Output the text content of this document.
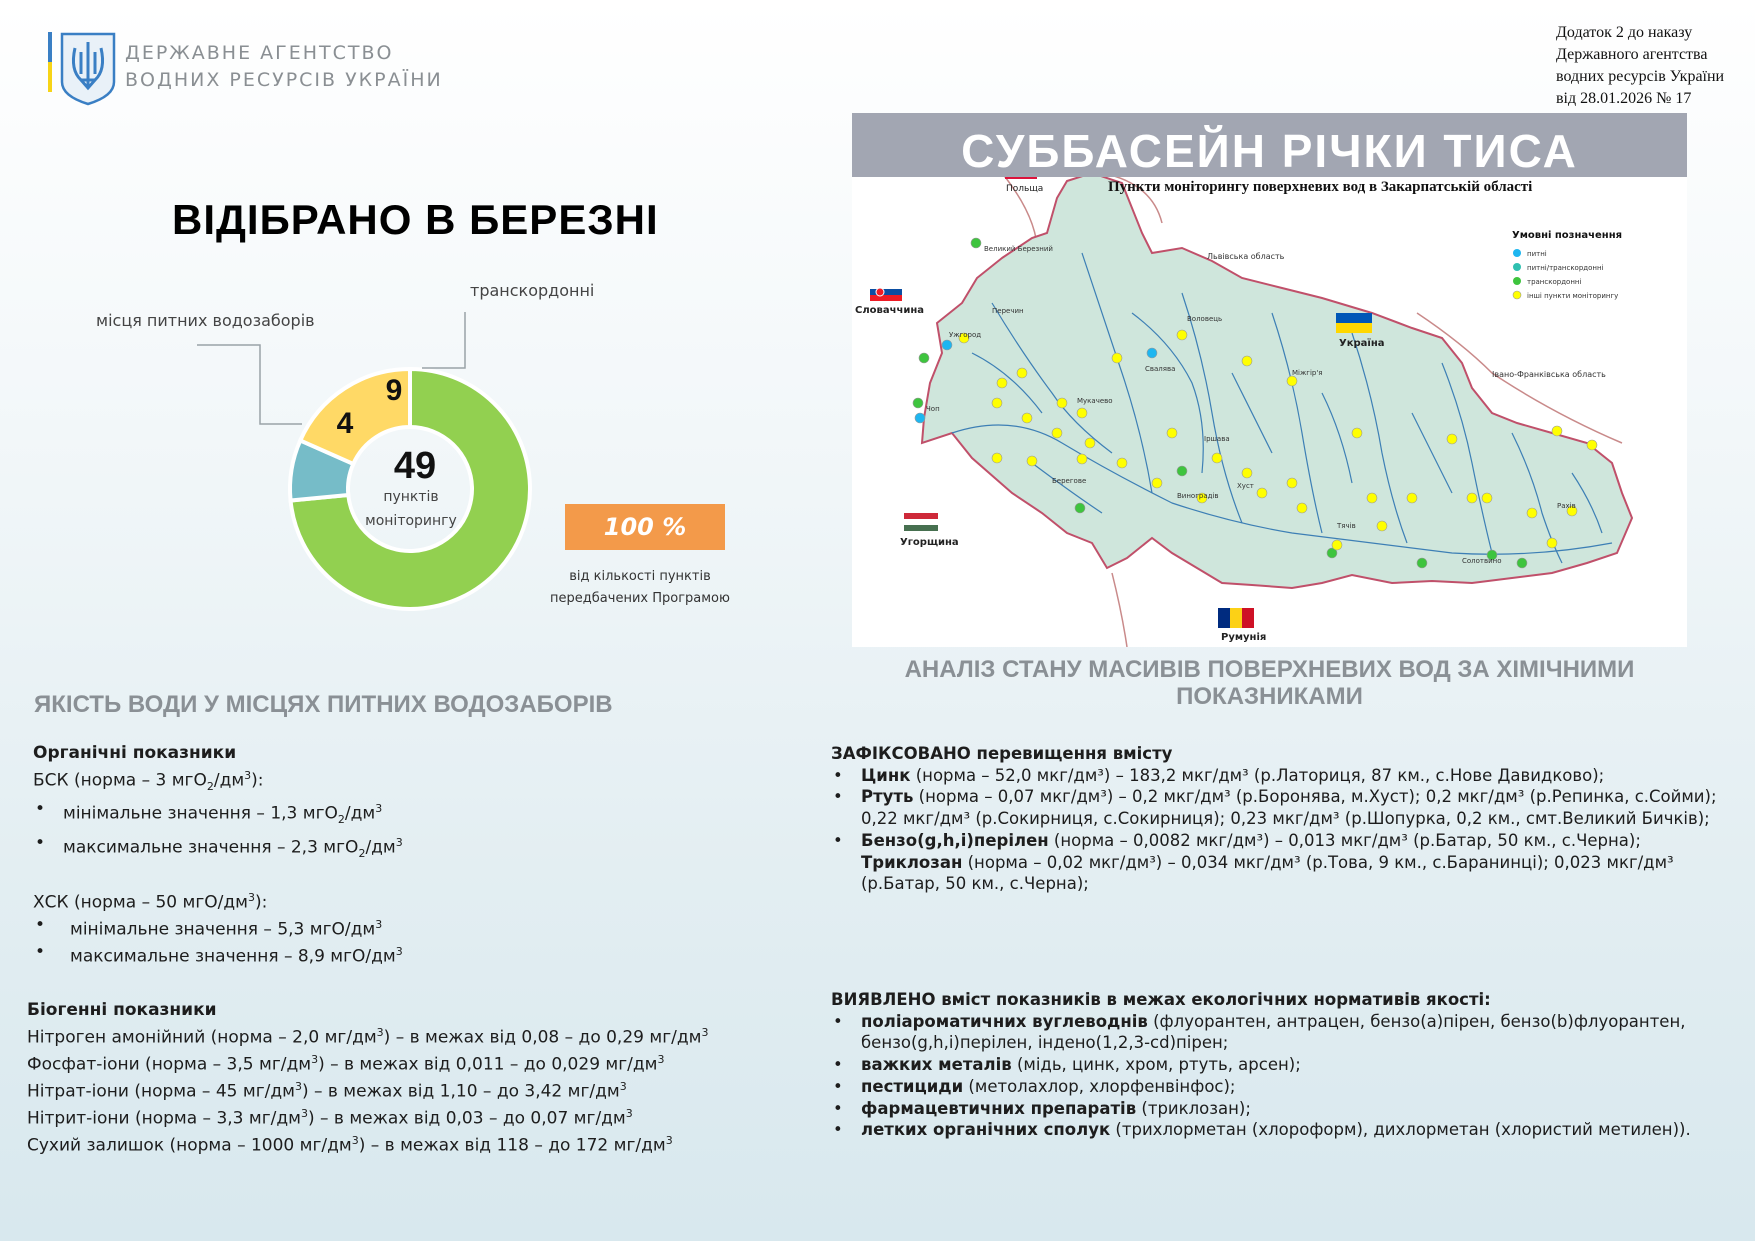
ДЕРЖАВНЕ АГЕНТСТВО
ВОДНИХ РЕСУРСІВ УКРАЇНИ
Додаток 2 до наказу
Державного агентства
водних ресурсів України
від 28.01.2026 № 17
ВІДІБРАНО В БЕРЕЗНІ
4
9
49
пунктів
моніторингу
місця питних водозаборів
транскордонні
100 %
від кількості пунктів
передбачених Програмою
Пункти моніторингу поверхневих вод в Закарпатській області
Польща
Словаччина
Україна
Угорщина
Румунія
Львівська область
Івано-Франківська область
Умовні позначення
питні
питні/транскордонні
транскордонні
інші пункти моніторингу
Великий Березний
Ужгород
Чоп
Мукачево
Берегове
Виноградів
Хуст
Тячів
Рахів
Міжгір'я
Свалява
Іршава
Воловець
Перечин
Солотвино
СУББАСЕЙН РІЧКИ ТИСА
ЯКІСТЬ ВОДИ У МІСЦЯХ ПИТНИХ ВОДОЗАБОРІВ
Органічні показники
БСК (норма – 3 $мгО_2/дм^3$):
• мінімальне значення – 1,3 $мгО_2/дм^3$
• максимальне значення – 2,3 $мгО_2/дм^3$
ХСК (норма – 50 мгО/$дм^3$):
• мінімальне значення – 5,3 мгО/$дм^3$
• максимальне значення – 8,9 мгО/$дм^3$
Біогенні показники
Нітроген амонійний (норма – 2,0 $мг/дм^3$) – в межах від 0,08 – до 0,29 $мг/дм^3$
Фосфат-іони (норма – 3,5 $мг/дм^3$) – в межах від 0,011 – до 0,029 $мг/дм^3$
Нітрат-іони (норма – 45 $мг/дм^3$) – в межах від 1,10 – до 3,42 $мг/дм^3$
Нітрит-іони (норма – 3,3 $мг/дм^3$) – в межах від 0,03 – до 0,07 $мг/дм^3$
Сухий залишок (норма – 1000 $мг/дм^3$) – в межах від 118 – до 172 $мг/дм^3$
АНАЛІЗ СТАНУ МАСИВІВ ПОВЕРХНЕВИХ ВОД ЗА ХІМІЧНИМИ
ПОКАЗНИКАМИ
ЗАФІКСОВАНО перевищення вмісту
• Цинк (норма – 52,0 мкг/дм³) – 183,2 мкг/дм³ (р.Латориця, 87 км., с.Нове Давидково);
• Ртуть (норма – 0,07 мкг/дм³) – 0,2 мкг/дм³ (р.Боронява, м.Хуст); 0,2 мкг/дм³ (р.Репинка, с.Сойми); 0,22 мкг/дм³ (р.Сокирниця, с.Сокирниця); 0,23 мкг/дм³ (р.Шопурка, 0,2 км., смт.Великий Бичків);
• Бензо(g,h,i)перілен (норма – 0,0082 мкг/дм³) – 0,013 мкг/дм³ (р.Батар, 50 км., с.Черна);
Триклозан (норма – 0,02 мкг/дм³) – 0,034 мкг/дм³ (р.Това, 9 км., с.Баранинці); 0,023 мкг/дм³ (р.Батар, 50 км., с.Черна);
ВИЯВЛЕНО вміст показників в межах екологічних нормативів якості:
• поліароматичних вуглеводнів (флуорантен, антрацен, бензо(а)пірен, бензо(b)флуорантен, бензо(g,h,i)перілен, індено(1,2,3-cd)пірен;
• важких металів (мідь, цинк, хром, ртуть, арсен);
• пестициди (метолахлор, хлорфенвінфос);
• фармацевтичних препаратів (триклозан);
• летких органічних сполук (трихлорметан (хлороформ), дихлорметан (хлористий метилен)).
